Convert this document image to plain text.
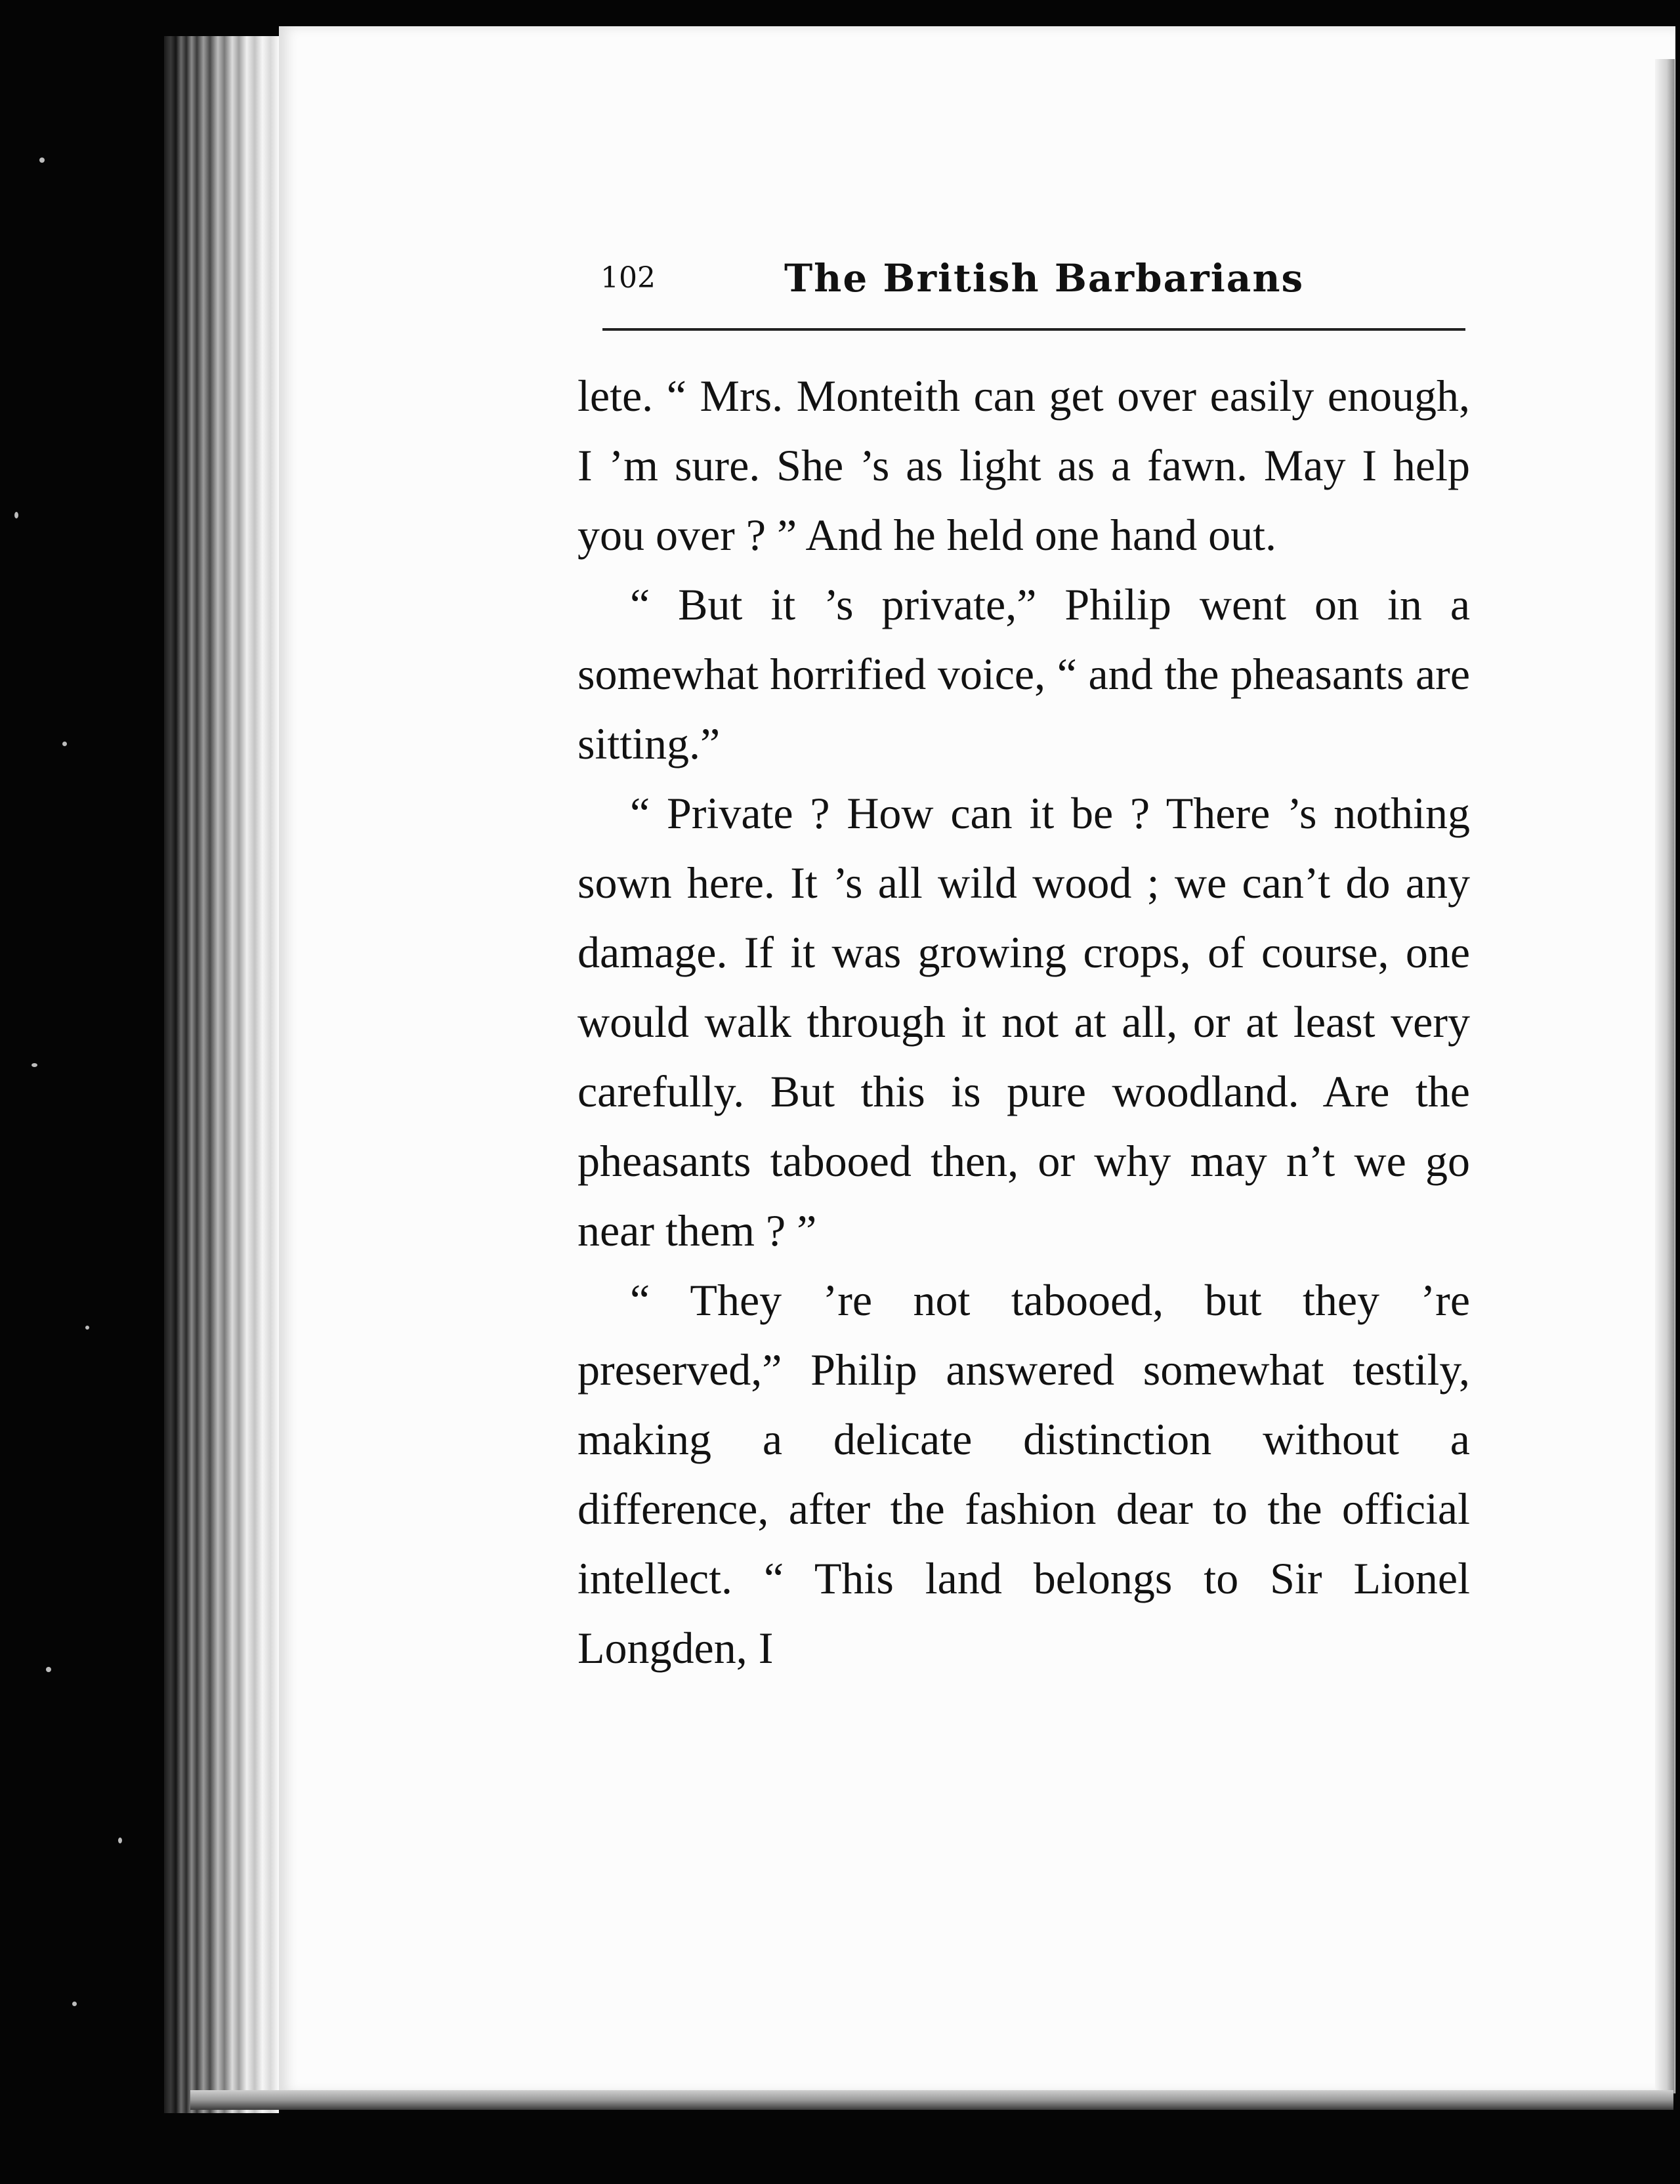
102	The British Barbarians

lete. “ Mrs. Monteith can get over easily enough, I ’m sure. She ’s as light as a fawn. May I help you over ? ” And he held one hand out.

“ But it ’s private,” Philip went on in a somewhat horrified voice, “ and the pheasants are sitting.”

“ Private ? How can it be ? There ’s nothing sown here. It ’s all wild wood ; we can’t do any damage. If it was growing crops, of course, one would walk through it not at all, or at least very carefully. But this is pure woodland. Are the pheasants tabooed then, or why may n’t we go near them ? ”

“ They ’re not tabooed, but they ’re preserved,” Philip answered somewhat testily, making a delicate distinction without a difference, after the fashion dear to the official intellect. “ This land belongs to Sir Lionel Longden, I
